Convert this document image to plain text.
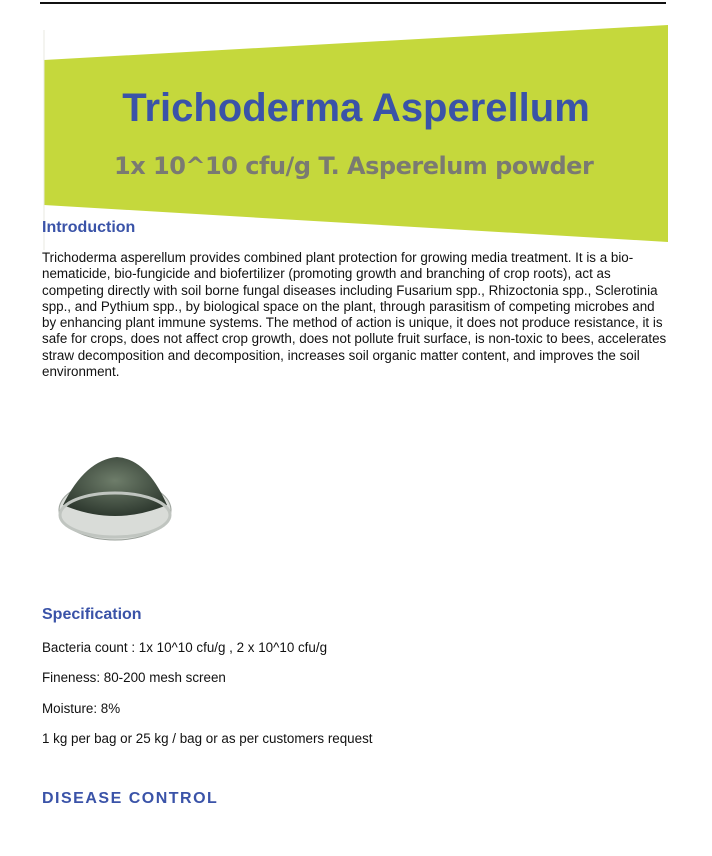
Trichoderma Asperellum
1x 10^10 cfu/g T. Asperelum powder
Introduction
Trichoderma asperellum provides combined plant protection for growing media treatment. It is a bio-nematicide, bio-fungicide and biofertilizer (promoting growth and branching of crop roots), act as competing directly with soil borne fungal diseases including Fusarium spp., Rhizoctonia spp., Sclerotinia spp., and Pythium spp., by biological space on the plant, through parasitism of competing microbes and by enhancing plant immune systems. The method of action is unique, it does not produce resistance, it is safe for crops, does not affect crop growth, does not pollute fruit surface, is non-toxic to bees, accelerates straw decomposition and decomposition, increases soil organic matter content, and improves the soil environment.
Specification
Bacteria count : 1x 10^10 cfu/g , 2 x 10^10 cfu/g
Fineness: 80-200 mesh screen
Moisture: 8%
1 kg per bag or 25 kg / bag or as per customers request
DISEASE CONTROL
